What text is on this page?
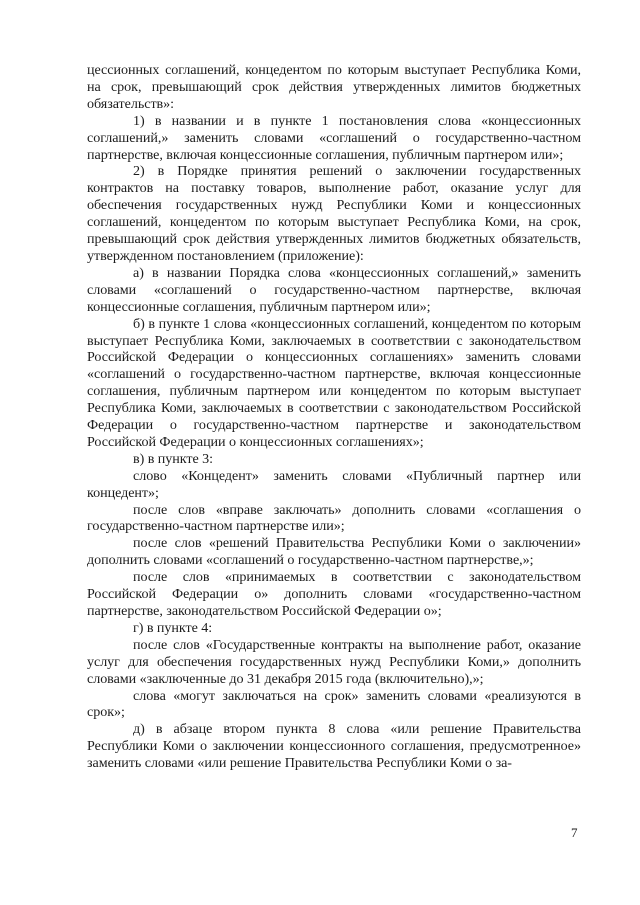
цессионных соглашений, концедентом по которым выступает Республика Коми, на срок, превышающий срок действия утвержденных лимитов бюджетных обязательств»:

1) в названии и в пункте 1 постановления слова «концессионных соглашений,» заменить словами «соглашений о государственно-частном партнерстве, включая концессионные соглашения, публичным партнером или»;

2) в Порядке принятия решений о заключении государственных контрактов на поставку товаров, выполнение работ, оказание услуг для обеспечения государственных нужд Республики Коми и концессионных соглашений, концедентом по которым выступает Республика Коми, на срок, превышающий срок действия утвержденных лимитов бюджетных обязательств, утвержденном постановлением (приложение):

а) в названии Порядка слова «концессионных соглашений,» заменить словами «соглашений о государственно-частном партнерстве, включая концессионные соглашения, публичным партнером или»;

б) в пункте 1 слова «концессионных соглашений, концедентом по которым выступает Республика Коми, заключаемых в соответствии с законодательством Российской Федерации о концессионных соглашениях» заменить словами «соглашений о государственно-частном партнерстве, включая концессионные соглашения, публичным партнером или концедентом по которым выступает Республика Коми, заключаемых в соответствии с законодательством Российской Федерации о государственно-частном партнерстве и законодательством Российской Федерации о концессионных соглашениях»;

в) в пункте 3:

слово «Концедент» заменить словами «Публичный партнер или концедент»;

после слов «вправе заключать» дополнить словами «соглашения о государственно-частном партнерстве или»;

после слов «решений Правительства Республики Коми о заключении» дополнить словами «соглашений о государственно-частном партнерстве,»;

после слов «принимаемых в соответствии с законодательством Российской Федерации о» дополнить словами «государственно-частном партнерстве, законодательством Российской Федерации о»;

г) в пункте 4:

после слов «Государственные контракты на выполнение работ, оказание услуг для обеспечения государственных нужд Республики Коми,» дополнить словами «заключенные до 31 декабря 2015 года (включительно),»;

слова «могут заключаться на срок» заменить словами «реализуются в срок»;

д) в абзаце втором пункта 8 слова «или решение Правительства Республики Коми о заключении концессионного соглашения, предусмотренное» заменить словами «или решение Правительства Республики Коми о за-

7
